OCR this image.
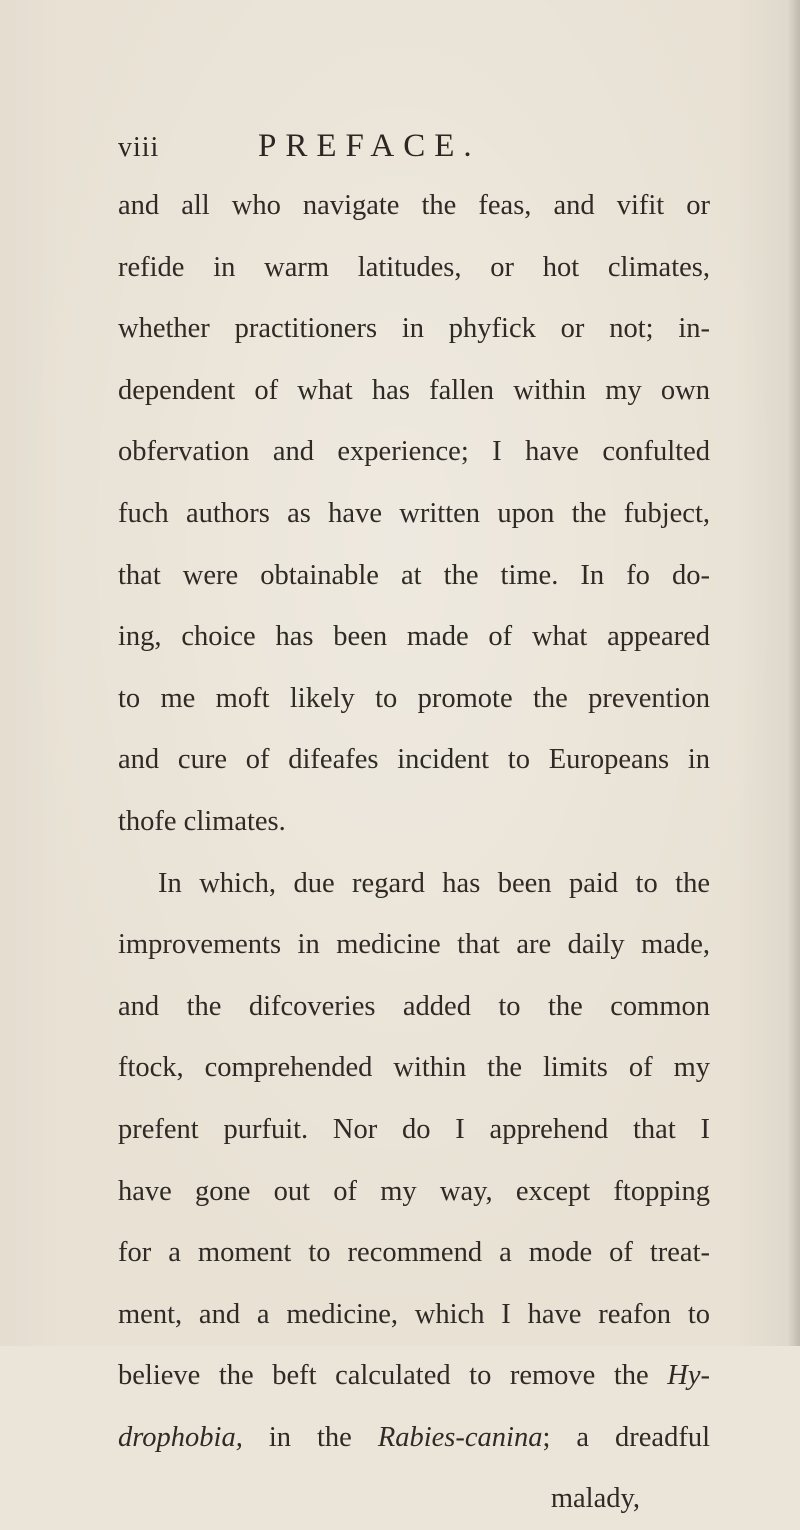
viii	PREFACE.
and all who navigate the feas, and vifit or
refide in warm latitudes, or hot climates,
whether practitioners in phyfick or not; in-
dependent of what has fallen within my own
obfervation and experience; I have confulted
fuch authors as have written upon the fubject,
that were obtainable at the time. In fo do-
ing, choice has been made of what appeared
to me moft likely to promote the prevention
and cure of difeafes incident to Europeans in
thofe climates.
In which, due regard has been paid to the
improvements in medicine that are daily made,
and the difcoveries added to the common
ftock, comprehended within the limits of my
prefent purfuit. Nor do I apprehend that I
have gone out of my way, except ftopping
for a moment to recommend a mode of treat-
ment, and a medicine, which I have reafon to
believe the beft calculated to remove the Hy-
drophobia, in the Rabies-canina; a dreadful
malady,
